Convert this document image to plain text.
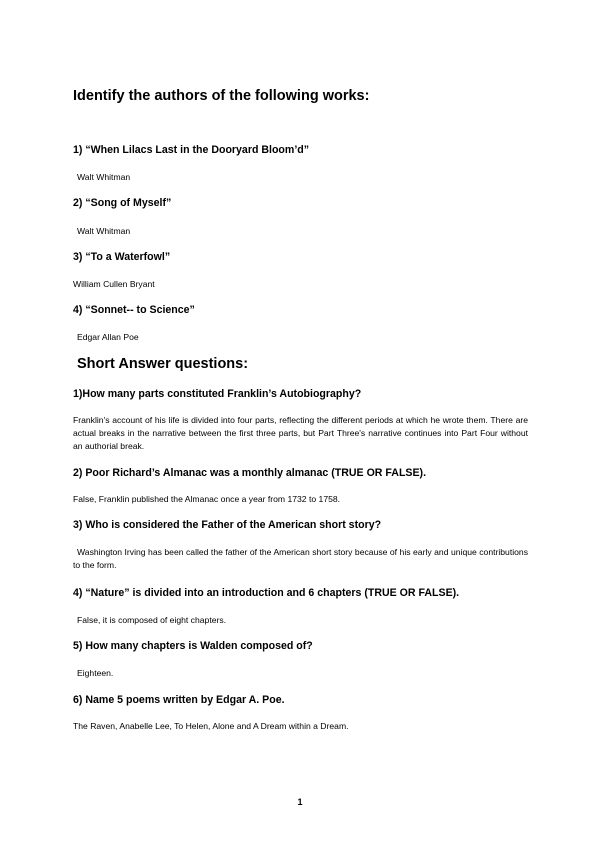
Identify the authors of the following works:

1) “When Lilacs Last in the Dooryard Bloom’d”

Walt Whitman

2) “Song of Myself”

Walt Whitman

3) “To a Waterfowl”

William Cullen Bryant

4) “Sonnet-- to Science”

Edgar Allan Poe

Short Answer questions:

1)How many parts constituted Franklin’s Autobiography?

Franklin's account of his life is divided into four parts, reflecting the different periods at which he wrote them. There are actual breaks in the narrative between the first three parts, but Part Three's narrative continues into Part Four without an authorial break.

2) Poor Richard’s Almanac was a monthly almanac (TRUE OR FALSE).

False, Franklin published the Almanac once a year from 1732 to 1758.

3) Who is considered the Father of the American short story?

Washington Irving has been called the father of the American short story because of his early and unique contributions to the form.

4) “Nature” is divided into an introduction and 6 chapters (TRUE OR FALSE).

False, it is composed of eight chapters.

5) How many chapters is Walden composed of?

Eighteen.

6) Name 5 poems written by Edgar A. Poe.

The Raven, Anabelle Lee, To Helen, Alone and A Dream within a Dream.

1
